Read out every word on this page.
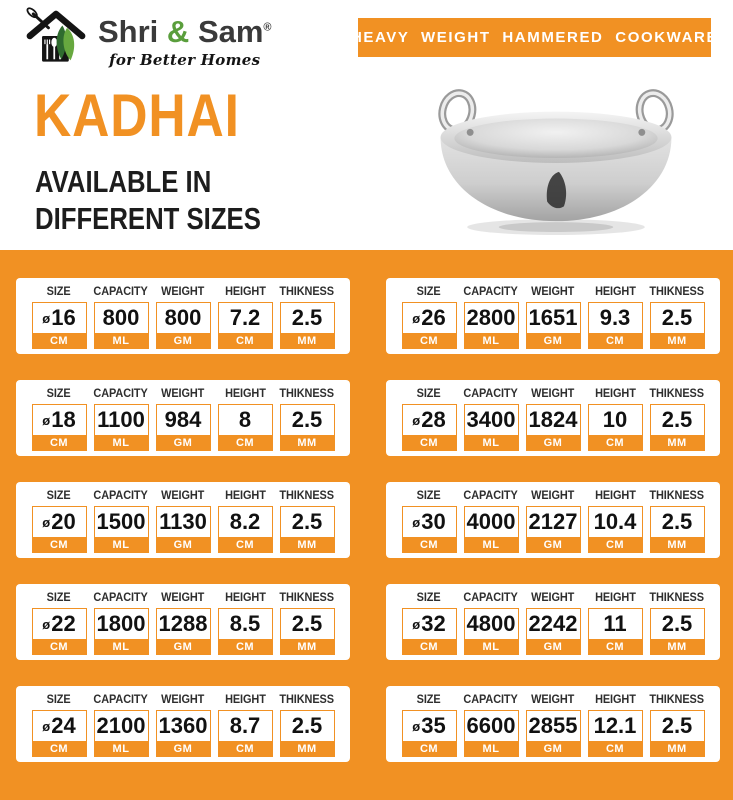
Shri & Sam®
for Better Homes
HEAVY WEIGHT HAMMERED COOKWARE
KADHAI
AVAILABLE IN
DIFFERENT SIZES
SIZE
ø 16
CM
CAPACITY
800
ML
WEIGHT
800
GM
HEIGHT
7.2
CM
THIKNESS
2.5
MM
SIZE
ø 26
CM
CAPACITY
2800
ML
WEIGHT
1651
GM
HEIGHT
9.3
CM
THIKNESS
2.5
MM
SIZE
ø 18
CM
CAPACITY
1100
ML
WEIGHT
984
GM
HEIGHT
8
CM
THIKNESS
2.5
MM
SIZE
ø 28
CM
CAPACITY
3400
ML
WEIGHT
1824
GM
HEIGHT
10
CM
THIKNESS
2.5
MM
SIZE
ø 20
CM
CAPACITY
1500
ML
WEIGHT
1130
GM
HEIGHT
8.2
CM
THIKNESS
2.5
MM
SIZE
ø 30
CM
CAPACITY
4000
ML
WEIGHT
2127
GM
HEIGHT
10.4
CM
THIKNESS
2.5
MM
SIZE
ø 22
CM
CAPACITY
1800
ML
WEIGHT
1288
GM
HEIGHT
8.5
CM
THIKNESS
2.5
MM
SIZE
ø 32
CM
CAPACITY
4800
ML
WEIGHT
2242
GM
HEIGHT
11
CM
THIKNESS
2.5
MM
SIZE
ø 24
CM
CAPACITY
2100
ML
WEIGHT
1360
GM
HEIGHT
8.7
CM
THIKNESS
2.5
MM
SIZE
ø 35
CM
CAPACITY
6600
ML
WEIGHT
2855
GM
HEIGHT
12.1
CM
THIKNESS
2.5
MM
